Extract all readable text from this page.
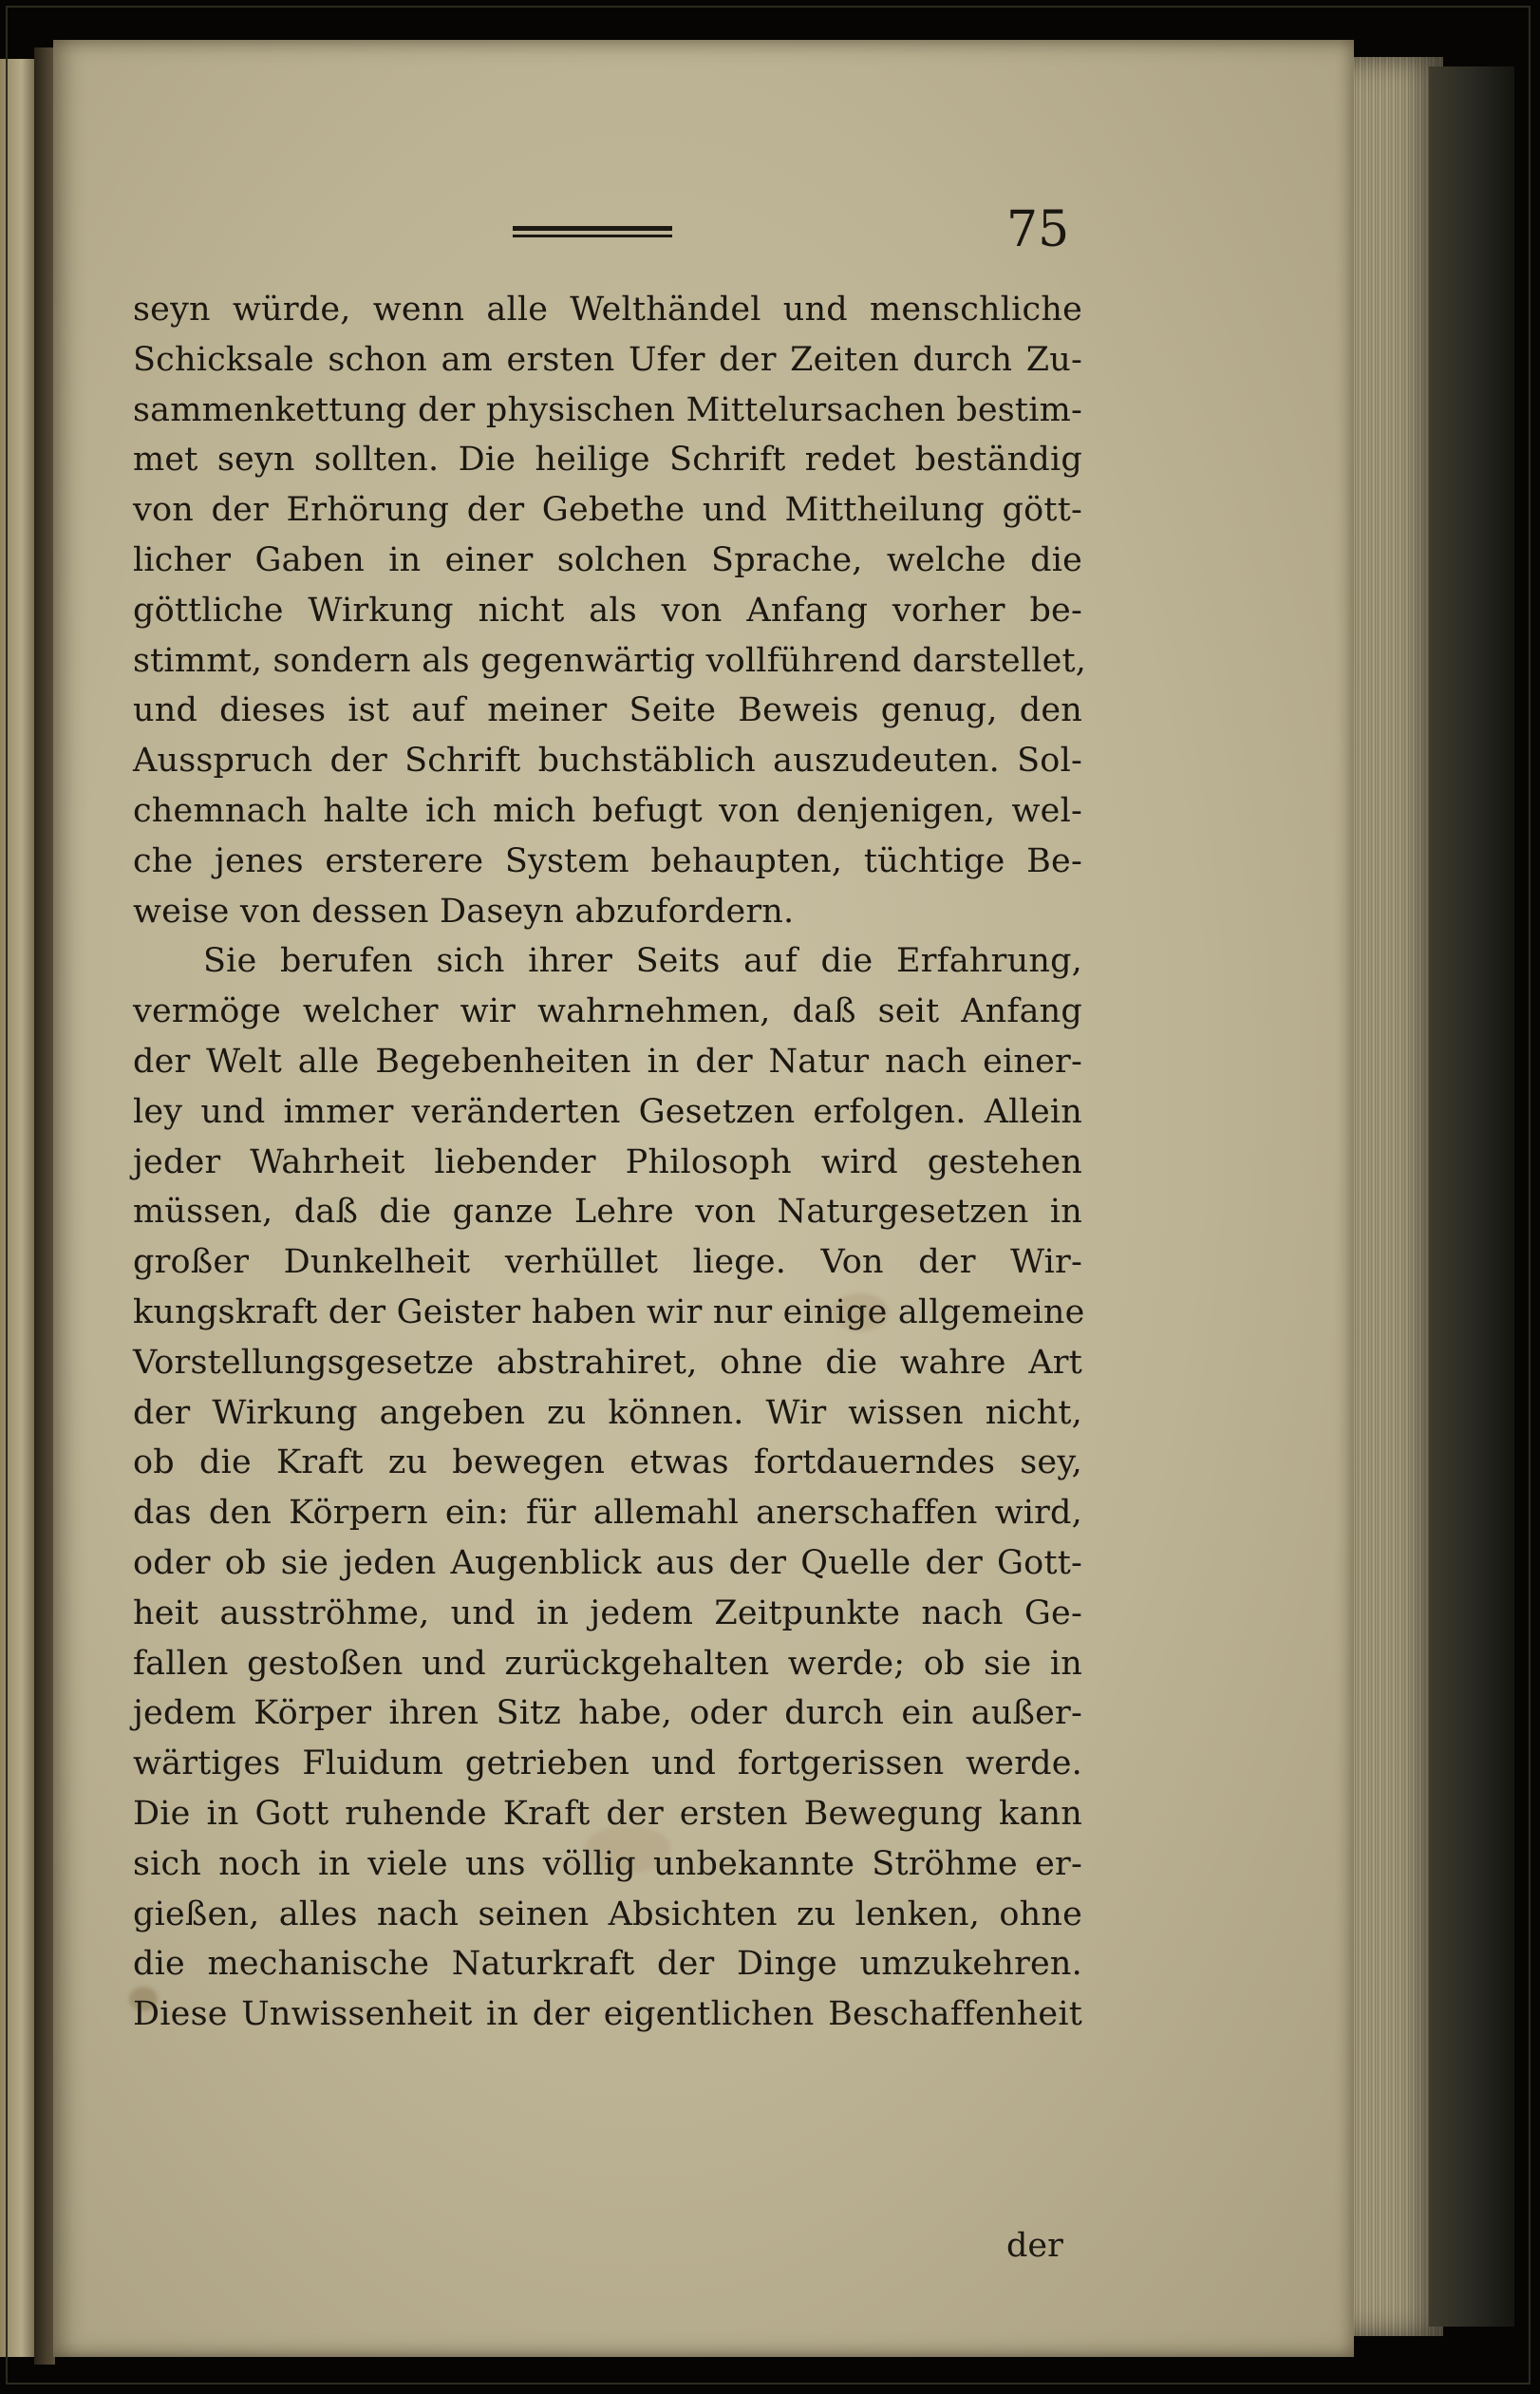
75
seyn würde, wenn alle Welthändel und menschliche
Schicksale schon am ersten Ufer der Zeiten durch Zu-
sammenkettung der physischen Mittelursachen bestim-
met seyn sollten. Die heilige Schrift redet beständig
von der Erhörung der Gebethe und Mittheilung gött-
licher Gaben in einer solchen Sprache, welche die
göttliche Wirkung nicht als von Anfang vorher be-
stimmt, sondern als gegenwärtig vollführend darstellet,
und dieses ist auf meiner Seite Beweis genug, den
Ausspruch der Schrift buchstäblich auszudeuten. Sol-
chemnach halte ich mich befugt von denjenigen, wel-
che jenes ersterere System behaupten, tüchtige Be-
weise von dessen Daseyn abzufordern.
Sie berufen sich ihrer Seits auf die Erfahrung,
vermöge welcher wir wahrnehmen, daß seit Anfang
der Welt alle Begebenheiten in der Natur nach einer-
ley und immer veränderten Gesetzen erfolgen. Allein
jeder Wahrheit liebender Philosoph wird gestehen
müssen, daß die ganze Lehre von Naturgesetzen in
großer Dunkelheit verhüllet liege. Von der Wir-
kungskraft der Geister haben wir nur einige allgemeine
Vorstellungsgesetze abstrahiret, ohne die wahre Art
der Wirkung angeben zu können. Wir wissen nicht,
ob die Kraft zu bewegen etwas fortdauerndes sey,
das den Körpern ein: für allemahl anerschaffen wird,
oder ob sie jeden Augenblick aus der Quelle der Gott-
heit ausströhme, und in jedem Zeitpunkte nach Ge-
fallen gestoßen und zurückgehalten werde; ob sie in
jedem Körper ihren Sitz habe, oder durch ein außer-
wärtiges Fluidum getrieben und fortgerissen werde.
Die in Gott ruhende Kraft der ersten Bewegung kann
sich noch in viele uns völlig unbekannte Ströhme er-
gießen, alles nach seinen Absichten zu lenken, ohne
die mechanische Naturkraft der Dinge umzukehren.
Diese Unwissenheit in der eigentlichen Beschaffenheit
der
